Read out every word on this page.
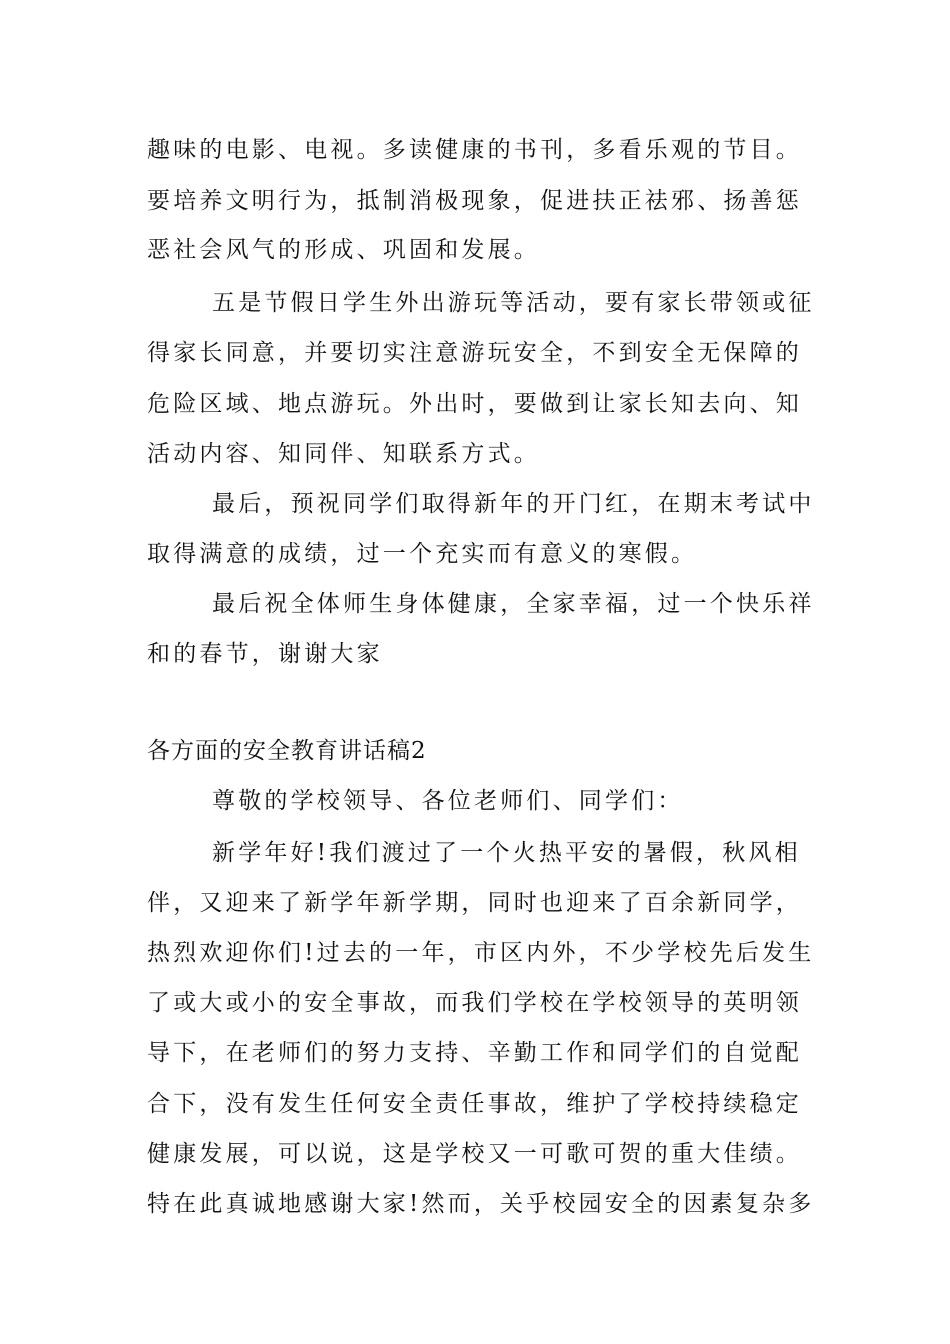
趣味的电影、电视。多读健康的书刊，多看乐观的节目。
要培养文明行为，抵制消极现象，促进扶正祛邪、扬善惩
恶社会风气的形成、巩固和发展。
五是节假日学生外出游玩等活动，要有家长带领或征
得家长同意，并要切实注意游玩安全，不到安全无保障的
危险区域、地点游玩。外出时，要做到让家长知去向、知
活动内容、知同伴、知联系方式。
最后，预祝同学们取得新年的开门红，在期末考试中
取得满意的成绩，过一个充实而有意义的寒假。
最后祝全体师生身体健康，全家幸福，过一个快乐祥
和的春节，谢谢大家
各方面的安全教育讲话稿2
尊敬的学校领导、各位老师们、同学们：
新学年好!我们渡过了一个火热平安的暑假，秋风相
伴，又迎来了新学年新学期，同时也迎来了百余新同学，
热烈欢迎你们!过去的一年，市区内外，不少学校先后发生
了或大或小的安全事故，而我们学校在学校领导的英明领
导下，在老师们的努力支持、辛勤工作和同学们的自觉配
合下，没有发生任何安全责任事故，维护了学校持续稳定
健康发展，可以说，这是学校又一可歌可贺的重大佳绩。
特在此真诚地感谢大家!然而，关乎校园安全的因素复杂多
